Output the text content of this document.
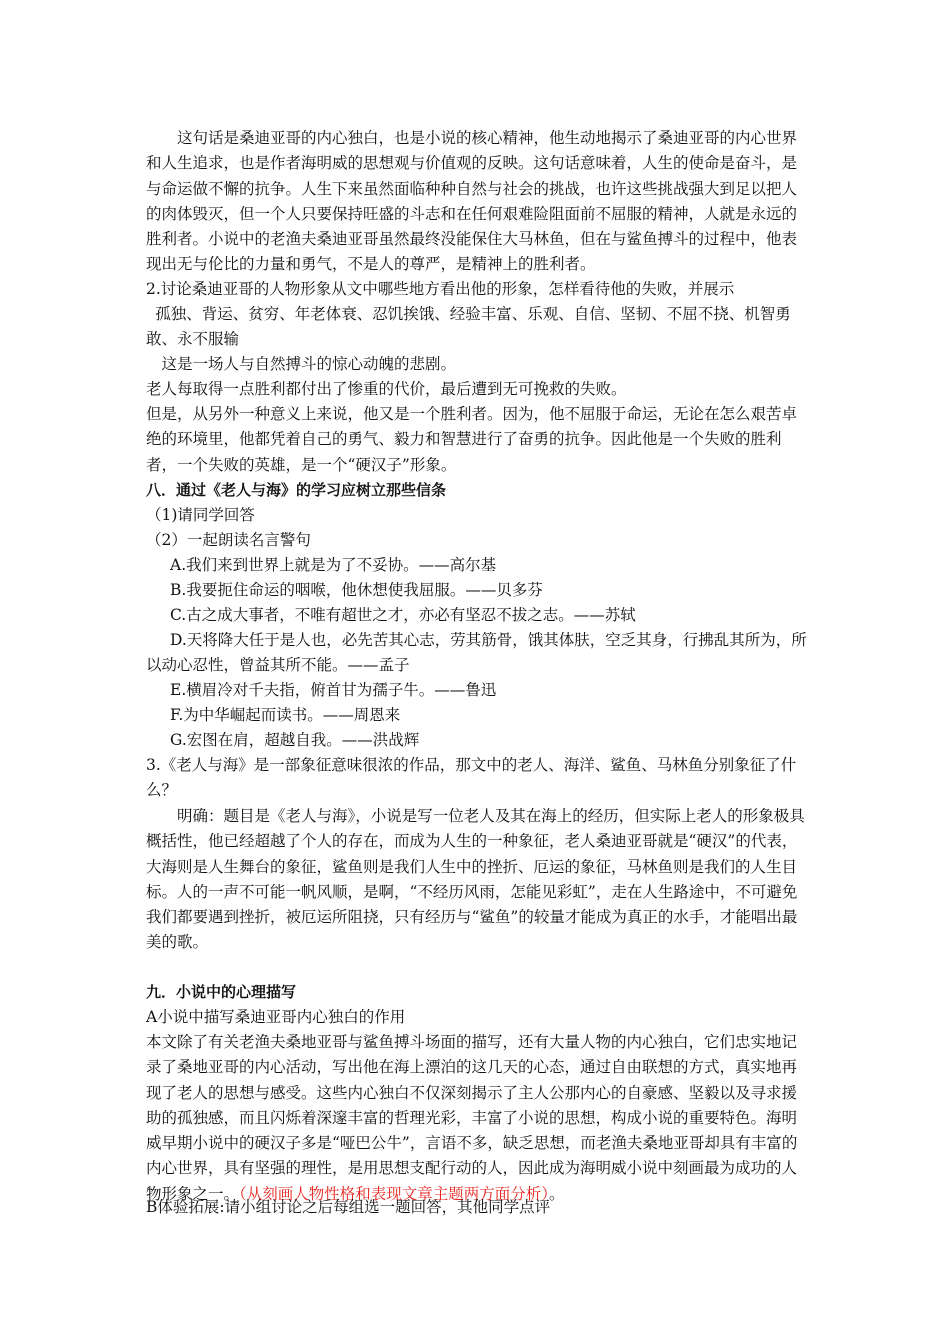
这句话是桑迪亚哥的内心独白，也是小说的核心精神，他生动地揭示了桑迪亚哥的内心世界和人生追求，也是作者海明威的思想观与价值观的反映。这句话意味着，人生的使命是奋斗，是与命运做不懈的抗争。人生下来虽然面临种种自然与社会的挑战，也许这些挑战强大到足以把人的肉体毁灭，但一个人只要保持旺盛的斗志和在任何艰难险阻面前不屈服的精神，人就是永远的胜利者。小说中的老渔夫桑迪亚哥虽然最终没能保住大马林鱼，但在与鲨鱼搏斗的过程中，他表现出无与伦比的力量和勇气，不是人的尊严，是精神上的胜利者。

2.讨论桑迪亚哥的人物形象从文中哪些地方看出他的形象，怎样看待他的失败，并展示

孤独、背运、贫穷、年老体衰、忍饥挨饿、经验丰富、乐观、自信、坚韧、不屈不挠、机智勇敢、永不服输

这是一场人与自然搏斗的惊心动魄的悲剧。

老人每取得一点胜利都付出了惨重的代价，最后遭到无可挽救的失败。

但是，从另外一种意义上来说，他又是一个胜利者。因为，他不屈服于命运，无论在怎么艰苦卓绝的环境里，他都凭着自己的勇气、毅力和智慧进行了奋勇的抗争。因此他是一个失败的胜利者，一个失败的英雄，是一个“硬汉子”形象。

八．通过《老人与海》的学习应树立那些信条

（1)请同学回答

（2）一起朗读名言警句

A.我们来到世界上就是为了不妥协。——高尔基

B.我要扼住命运的咽喉，他休想使我屈服。——贝多芬

C.古之成大事者，不唯有超世之才，亦必有坚忍不拔之志。——苏轼

D.天将降大任于是人也，必先苦其心志，劳其筋骨，饿其体肤，空乏其身，行拂乱其所为，所以动心忍性，曾益其所不能。——孟子

E.横眉冷对千夫指，俯首甘为孺子牛。——鲁迅

F.为中华崛起而读书。——周恩来

G.宏图在肩，超越自我。——洪战辉

3.《老人与海》是一部象征意味很浓的作品，那文中的老人、海洋、鲨鱼、马林鱼分别象征了什么？

明确：题目是《老人与海》，小说是写一位老人及其在海上的经历，但实际上老人的形象极具概括性，他已经超越了个人的存在，而成为人生的一种象征，老人桑迪亚哥就是“硬汉”的代表，大海则是人生舞台的象征，鲨鱼则是我们人生中的挫折、厄运的象征，马林鱼则是我们的人生目标。人的一声不可能一帆风顺，是啊，“不经历风雨，怎能见彩虹”，走在人生路途中，不可避免我们都要遇到挫折，被厄运所阻挠，只有经历与“鲨鱼”的较量才能成为真正的水手，才能唱出最美的歌。

九．小说中的心理描写

A小说中描写桑迪亚哥内心独白的作用

本文除了有关老渔夫桑地亚哥与鲨鱼搏斗场面的描写，还有大量人物的内心独白，它们忠实地记录了桑地亚哥的内心活动，写出他在海上漂泊的这几天的心态，通过自由联想的方式，真实地再现了老人的思想与感受。这些内心独白不仅深刻揭示了主人公那内心的自豪感、坚毅以及寻求援助的孤独感，而且闪烁着深邃丰富的哲理光彩，丰富了小说的思想，构成小说的重要特色。海明威早期小说中的硬汉子多是“哑巴公牛”，言语不多，缺乏思想，而老渔夫桑地亚哥却具有丰富的内心世界，具有坚强的理性，是用思想支配行动的人，因此成为海明威小说中刻画最为成功的人物形象之一。（从刻画人物性格和表现文章主题两方面分析）。

B体验拓展:请小组讨论之后每组选一题回答，其他同学点评
